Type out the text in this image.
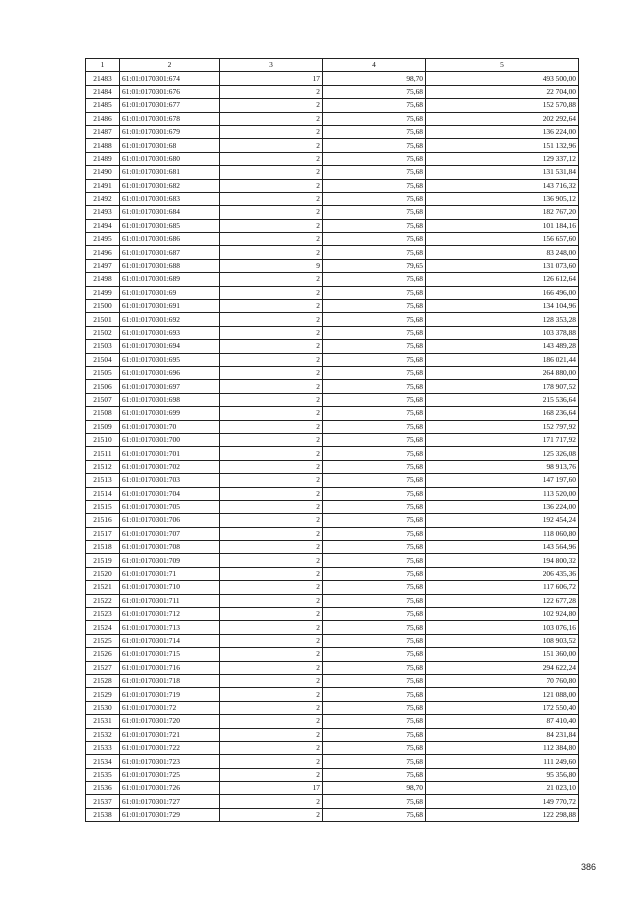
1	2	3	4	5
21483	61:01:0170301:674	17	98,70	493 500,00
21484	61:01:0170301:676	2	75,68	22 704,00
21485	61:01:0170301:677	2	75,68	152 570,88
21486	61:01:0170301:678	2	75,68	202 292,64
21487	61:01:0170301:679	2	75,68	136 224,00
21488	61:01:0170301:68	2	75,68	151 132,96
21489	61:01:0170301:680	2	75,68	129 337,12
21490	61:01:0170301:681	2	75,68	131 531,84
21491	61:01:0170301:682	2	75,68	143 716,32
21492	61:01:0170301:683	2	75,68	136 905,12
21493	61:01:0170301:684	2	75,68	182 767,20
21494	61:01:0170301:685	2	75,68	101 184,16
21495	61:01:0170301:686	2	75,68	156 657,60
21496	61:01:0170301:687	2	75,68	83 248,00
21497	61:01:0170301:688	9	79,65	131 073,60
21498	61:01:0170301:689	2	75,68	126 612,64
21499	61:01:0170301:69	2	75,68	166 496,00
21500	61:01:0170301:691	2	75,68	134 104,96
21501	61:01:0170301:692	2	75,68	128 353,28
21502	61:01:0170301:693	2	75,68	103 378,88
21503	61:01:0170301:694	2	75,68	143 489,28
21504	61:01:0170301:695	2	75,68	186 021,44
21505	61:01:0170301:696	2	75,68	264 880,00
21506	61:01:0170301:697	2	75,68	178 907,52
21507	61:01:0170301:698	2	75,68	215 536,64
21508	61:01:0170301:699	2	75,68	168 236,64
21509	61:01:0170301:70	2	75,68	152 797,92
21510	61:01:0170301:700	2	75,68	171 717,92
21511	61:01:0170301:701	2	75,68	125 326,08
21512	61:01:0170301:702	2	75,68	98 913,76
21513	61:01:0170301:703	2	75,68	147 197,60
21514	61:01:0170301:704	2	75,68	113 520,00
21515	61:01:0170301:705	2	75,68	136 224,00
21516	61:01:0170301:706	2	75,68	192 454,24
21517	61:01:0170301:707	2	75,68	118 060,80
21518	61:01:0170301:708	2	75,68	143 564,96
21519	61:01:0170301:709	2	75,68	194 800,32
21520	61:01:0170301:71	2	75,68	206 435,36
21521	61:01:0170301:710	2	75,68	117 606,72
21522	61:01:0170301:711	2	75,68	122 677,28
21523	61:01:0170301:712	2	75,68	102 924,80
21524	61:01:0170301:713	2	75,68	103 076,16
21525	61:01:0170301:714	2	75,68	108 903,52
21526	61:01:0170301:715	2	75,68	151 360,00
21527	61:01:0170301:716	2	75,68	294 622,24
21528	61:01:0170301:718	2	75,68	70 760,80
21529	61:01:0170301:719	2	75,68	121 088,00
21530	61:01:0170301:72	2	75,68	172 550,40
21531	61:01:0170301:720	2	75,68	87 410,40
21532	61:01:0170301:721	2	75,68	84 231,84
21533	61:01:0170301:722	2	75,68	112 384,80
21534	61:01:0170301:723	2	75,68	111 249,60
21535	61:01:0170301:725	2	75,68	95 356,80
21536	61:01:0170301:726	17	98,70	21 023,10
21537	61:01:0170301:727	2	75,68	149 770,72
21538	61:01:0170301:729	2	75,68	122 298,88
386
